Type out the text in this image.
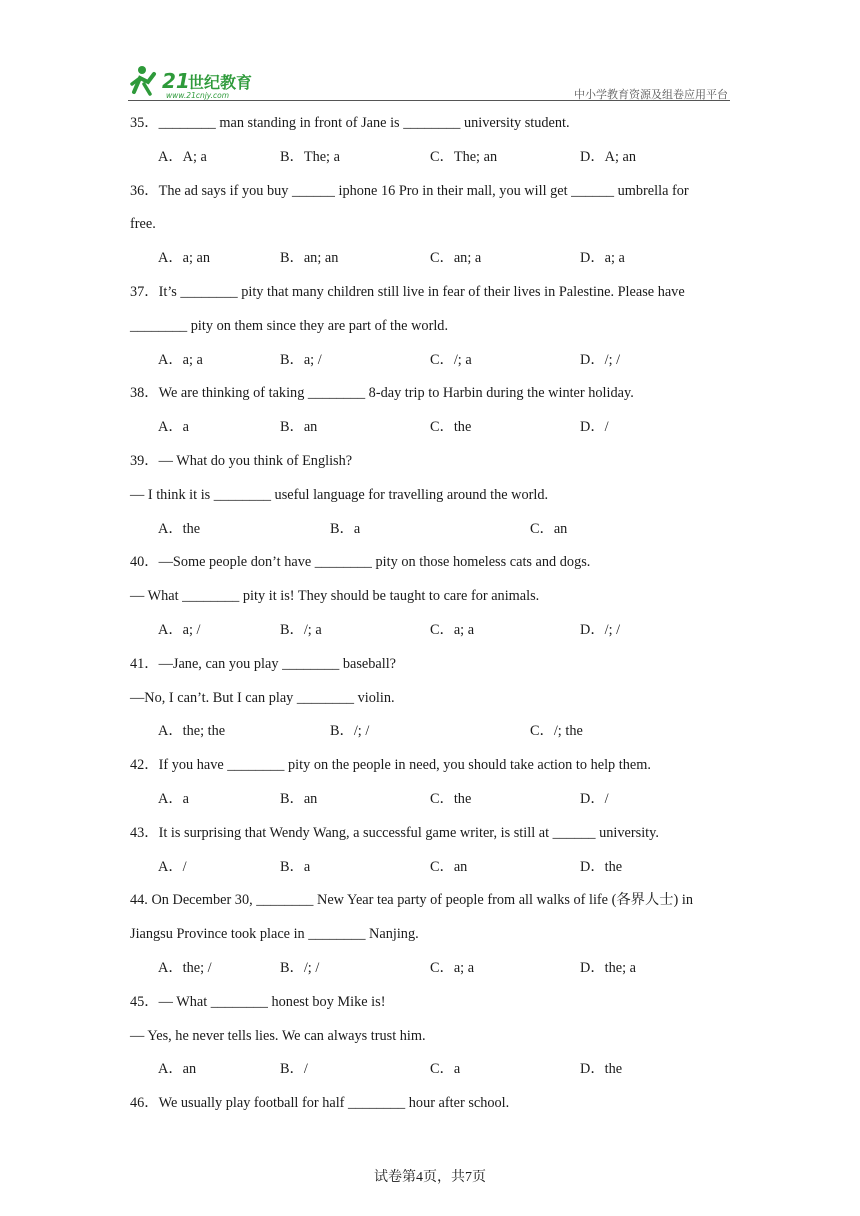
21
世纪教育
www.21cnjy.com	中小学教育资源及组卷应用平台
35．________ man standing in front of Jane is ________ university student.
A．A; a	B．The; a	C．The; an	D．A; an
36．The ad says if you buy ______ iphone 16 Pro in their mall, you will get ______ umbrella for
free.
A．a; an	B．an; an	C．an; a	D．a; a
37．It’s ________ pity that many children still live in fear of their lives in Palestine. Please have
________ pity on them since they are part of the world.
A．a; a	B．a; /	C．/; a	D．/; /
38．We are thinking of taking ________ 8-day trip to Harbin during the winter holiday.
A．a	B．an	C．the	D．/
39．— What do you think of English?
— I think it is ________ useful language for travelling around the world.
A．the	B．a	C．an
40．—Some people don’t have ________ pity on those homeless cats and dogs.
— What ________ pity it is! They should be taught to care for animals.
A．a; /	B．/; a	C．a; a	D．/; /
41．—Jane, can you play ________ baseball?
—No, I can’t. But I can play ________ violin.
A．the; the	B．/; /	C．/; the
42．If you have ________ pity on the people in need, you should take action to help them.
A．a	B．an	C．the	D．/
43．It is surprising that Wendy Wang, a successful game writer, is still at ______ university.
A．/	B．a	C．an	D．the
44. On December 30, ________ New Year tea party of people from all walks of life (各界人士) in
Jiangsu Province took place in ________ Nanjing.
A．the; /	B．/; /	C．a; a	D．the; a
45．— What ________ honest boy Mike is!
— Yes, he never tells lies. We can always trust him.
A．an	B．/	C．a	D．the
46．We usually play football for half ________ hour after school.
试卷第4页，共7页
